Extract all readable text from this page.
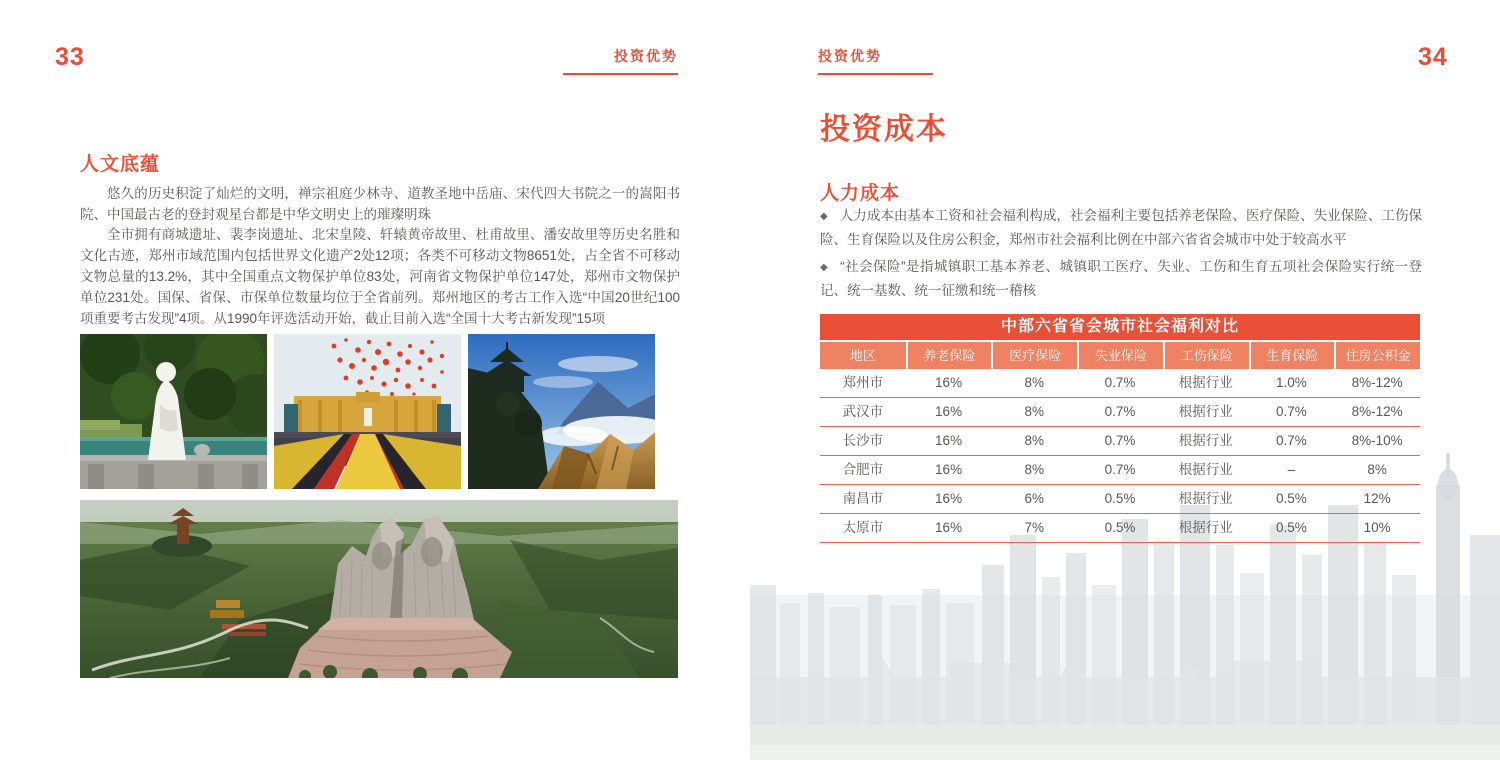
33	投资优势
人文底蕴

悠久的历史积淀了灿烂的文明，禅宗祖庭少林寺、道教圣地中岳庙、宋代四大书院之一的嵩阳书院、中国最古老的登封观星台都是中华文明史上的璀璨明珠

全市拥有商城遗址、裴李岗遗址、北宋皇陵、轩辕黄帝故里、杜甫故里、潘安故里等历史名胜和文化古迹，郑州市域范围内包括世界文化遗产2处12项；各类不可移动文物8651处，占全省不可移动文物总量的13.2%，其中全国重点文物保护单位83处，河南省文物保护单位147处，郑州市文物保护单位231处。国保、省保、市保单位数量均位于全省前列。郑州地区的考古工作入选“中国20世纪100项重要考古发现”4项。从1990年评选活动开始，截止目前入选“全国十大考古新发现”15项

投资优势	34
投资成本
人力成本

◆ 人力成本由基本工资和社会福利构成，社会福利主要包括养老保险、医疗保险、失业保险、工伤保险、生育保险以及住房公积金，郑州市社会福利比例在中部六省省会城市中处于较高水平

◆ “社会保险”是指城镇职工基本养老、城镇职工医疗、失业、工伤和生育五项社会保险实行统一登记、统一基数、统一征缴和统一稽核

中部六省省会城市社会福利对比
地区	养老保险	医疗保险	失业保险	工伤保险	生育保险	住房公积金
郑州市	16%	8%	0.7%	根据行业	1.0%	8%-12%
武汉市	16%	8%	0.7%	根据行业	0.7%	8%-12%
长沙市	16%	8%	0.7%	根据行业	0.7%	8%-10%
合肥市	16%	8%	0.7%	根据行业	–	8%
南昌市	16%	6%	0.5%	根据行业	0.5%	12%
太原市	16%	7%	0.5%	根据行业	0.5%	10%
